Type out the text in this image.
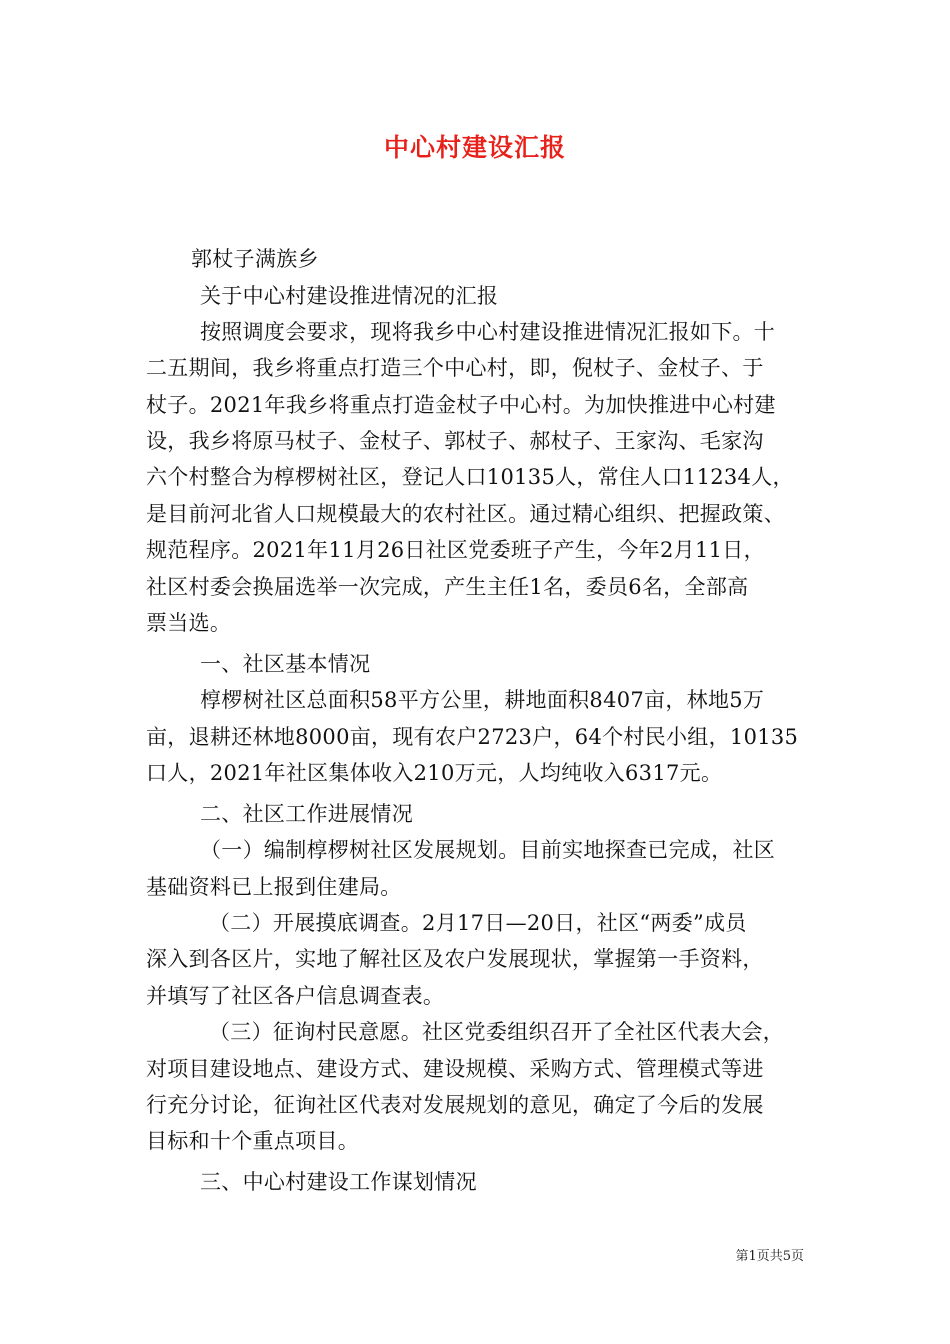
中心村建设汇报
郭杖子满族乡
关于中心村建设推进情况的汇报
按照调度会要求，现将我乡中心村建设推进情况汇报如下。十
二五期间，我乡将重点打造三个中心村，即，倪杖子、金杖子、于
杖子。2021年我乡将重点打造金杖子中心村。为加快推进中心村建
设，我乡将原马杖子、金杖子、郭杖子、郝杖子、王家沟、毛家沟
六个村整合为椁椤树社区，登记人口10135人，常住人口11234人，
是目前河北省人口规模最大的农村社区。通过精心组织、把握政策、
规范程序。2021年11月26日社区党委班子产生，今年2月11日，
社区村委会换届选举一次完成，产生主任1名，委员6名，全部高
票当选。
一、社区基本情况
椁椤树社区总面积58平方公里，耕地面积8407亩，林地5万
亩，退耕还林地8000亩，现有农户2723户，64个村民小组，10135
口人，2021年社区集体收入210万元，人均纯收入6317元。
二、社区工作进展情况
（一）编制椁椤树社区发展规划。目前实地探查已完成，社区
基础资料已上报到住建局。
（二）开展摸底调查。2月17日—20日，社区“两委”成员
深入到各区片，实地了解社区及农户发展现状，掌握第一手资料，
并填写了社区各户信息调查表。
（三）征询村民意愿。社区党委组织召开了全社区代表大会，
对项目建设地点、建设方式、建设规模、采购方式、管理模式等进
行充分讨论，征询社区代表对发展规划的意见，确定了今后的发展
目标和十个重点项目。
三、中心村建设工作谋划情况
第1页共5页
